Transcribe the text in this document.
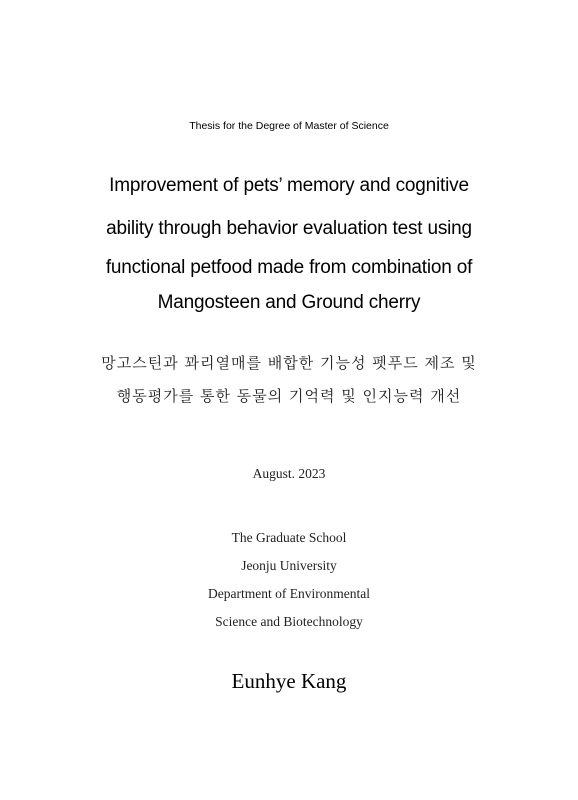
Thesis for the Degree of Master of Science
Improvement of pets’ memory and cognitive
ability through behavior evaluation test using
functional petfood made from combination of
Mangosteen and Ground cherry
망고스틴과 꽈리열매를 배합한 기능성 펫푸드 제조 및
행동평가를 통한 동물의 기억력 및 인지능력 개선
August. 2023
The Graduate School
Jeonju University
Department of Environmental
Science and Biotechnology
Eunhye Kang
